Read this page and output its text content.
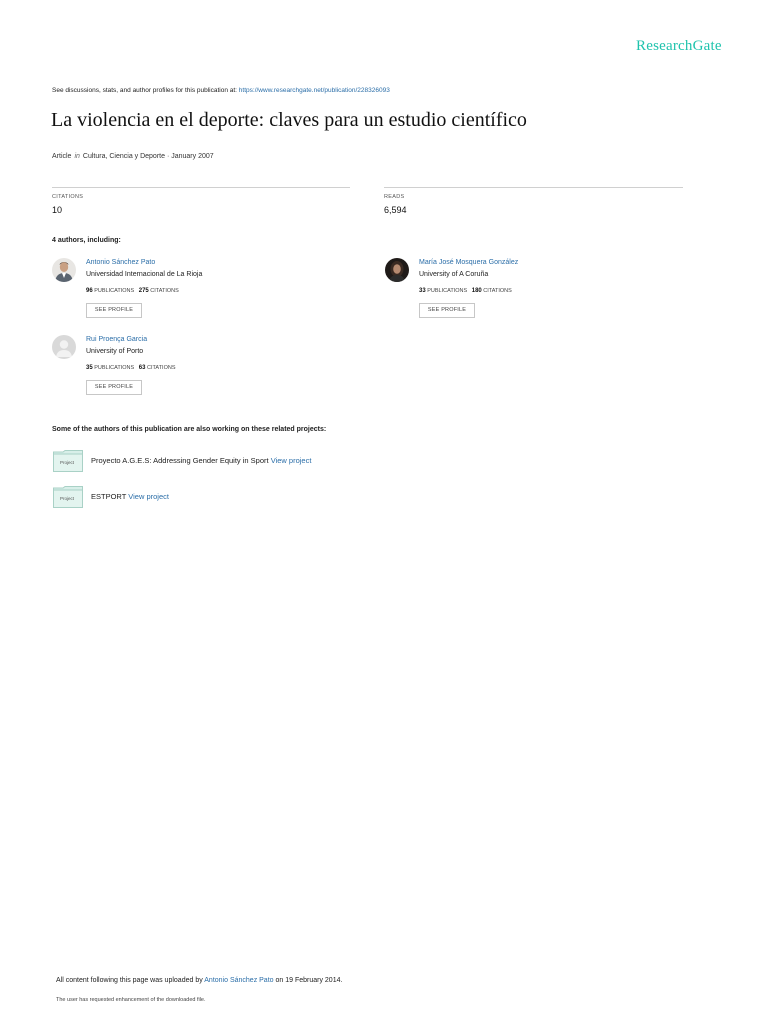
ResearchGate
See discussions, stats, and author profiles for this publication at: https://www.researchgate.net/publication/228326093
La violencia en el deporte: claves para un estudio científico
Article in Cultura, Ciencia y Deporte · January 2007
CITATIONS
10
READS
6,594
4 authors, including:
Antonio Sánchez Pato
Universidad Internacional de La Rioja
96 PUBLICATIONS 275 CITATIONS
SEE PROFILE
María José Mosquera González
University of A Coruña
33 PUBLICATIONS 180 CITATIONS
SEE PROFILE
Rui Proença Garcia
University of Porto
35 PUBLICATIONS 63 CITATIONS
SEE PROFILE
Some of the authors of this publication are also working on these related projects:
Project Proyecto A.G.E.S: Addressing Gender Equity in Sport View project
Project ESTPORT View project
All content following this page was uploaded by Antonio Sánchez Pato on 19 February 2014.
The user has requested enhancement of the downloaded file.
